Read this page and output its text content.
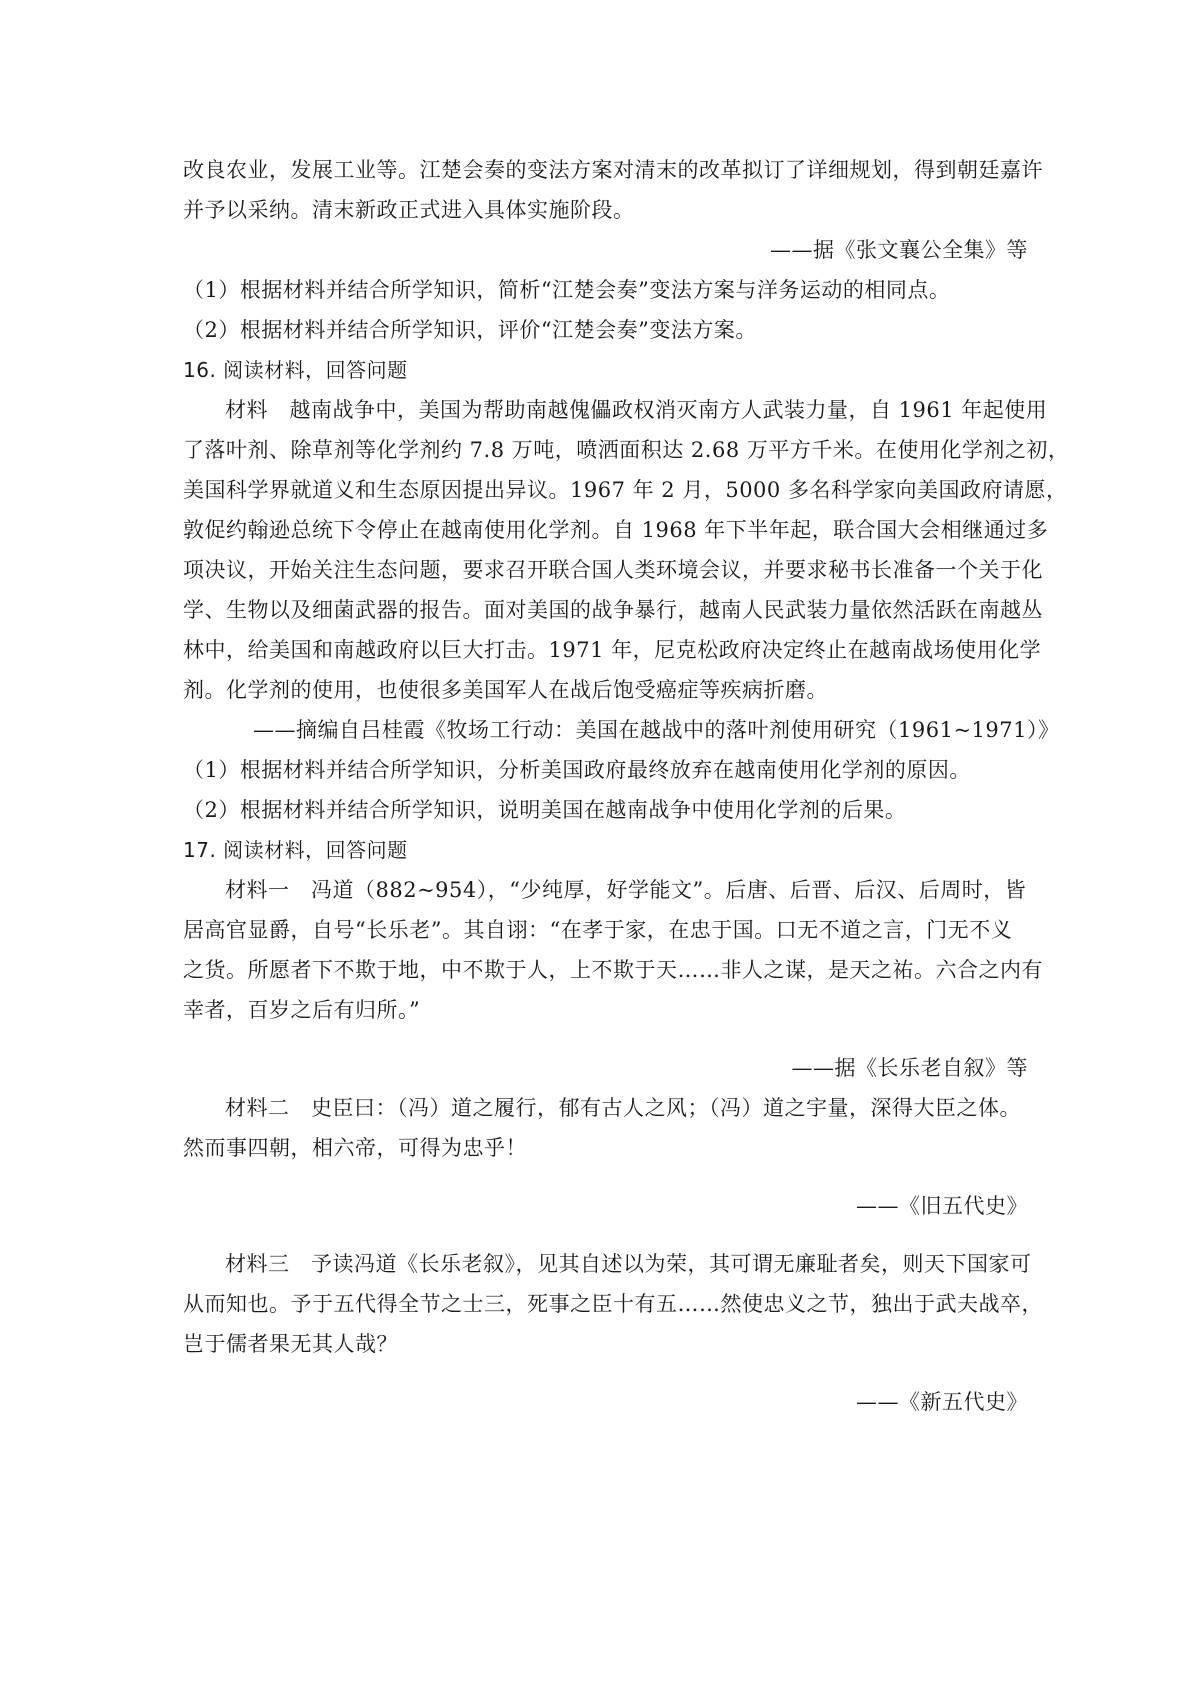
改良农业，发展工业等。江楚会奏的变法方案对清末的改革拟订了详细规划，得到朝廷嘉许
并予以采纳。清末新政正式进入具体实施阶段。
——据《张文襄公全集》等
（1）根据材料并结合所学知识，简析“江楚会奏”变法方案与洋务运动的相同点。
（2）根据材料并结合所学知识，评价“江楚会奏”变法方案。
16. 阅读材料，回答问题
材料　越南战争中，美国为帮助南越傀儡政权消灭南方人武装力量，自 1961 年起使用
了落叶剂、除草剂等化学剂约 7.8 万吨，喷洒面积达 2.68 万平方千米。在使用化学剂之初，
美国科学界就道义和生态原因提出异议。1967 年 2 月，5000 多名科学家向美国政府请愿，
敦促约翰逊总统下令停止在越南使用化学剂。自 1968 年下半年起，联合国大会相继通过多
项决议，开始关注生态问题，要求召开联合国人类环境会议，并要求秘书长准备一个关于化
学、生物以及细菌武器的报告。面对美国的战争暴行，越南人民武装力量依然活跃在南越丛
林中，给美国和南越政府以巨大打击。1971 年，尼克松政府决定终止在越南战场使用化学
剂。化学剂的使用，也使很多美国军人在战后饱受癌症等疾病折磨。
——摘编自吕桂霞《牧场工行动：美国在越战中的落叶剂使用研究（1961~1971）》
（1）根据材料并结合所学知识，分析美国政府最终放弃在越南使用化学剂的原因。
（2）根据材料并结合所学知识，说明美国在越南战争中使用化学剂的后果。
17. 阅读材料，回答问题
材料一　冯道（882~954），“少纯厚，好学能文”。后唐、后晋、后汉、后周时，皆
居高官显爵，自号“长乐老”。其自诩：“在孝于家，在忠于国。口无不道之言，门无不义
之货。所愿者下不欺于地，中不欺于人，上不欺于天……非人之谋，是天之祐。六合之内有
幸者，百岁之后有归所。”
——据《长乐老自叙》等
材料二　史臣曰：（冯）道之履行，郁有古人之风；（冯）道之宇量，深得大臣之体。
然而事四朝，相六帝，可得为忠乎！
——《旧五代史》
材料三　予读冯道《长乐老叙》，见其自述以为荣，其可谓无廉耻者矣，则天下国家可
从而知也。予于五代得全节之士三，死事之臣十有五……然使忠义之节，独出于武夫战卒，
岂于儒者果无其人哉？
——《新五代史》
